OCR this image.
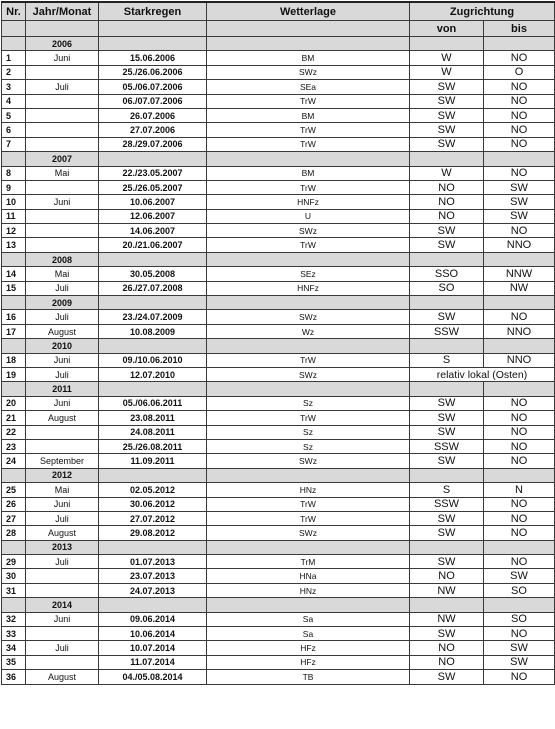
Nr.	Jahr/Monat	Starkregen	Wetterlage	Zugrichtung	
				von	bis
	2006				
1	Juni	15.06.2006	BM	W	NO
2		25./26.06.2006	SWz	W	O
3	Juli	05./06.07.2006	SEa	SW	NO
4		06./07.07.2006	TrW	SW	NO
5		26.07.2006	BM	SW	NO
6		27.07.2006	TrW	SW	NO
7		28./29.07.2006	TrW	SW	NO
	2007				
8	Mai	22./23.05.2007	BM	W	NO
9		25./26.05.2007	TrW	NO	SW
10	Juni	10.06.2007	HNFz	NO	SW
11		12.06.2007	U	NO	SW
12		14.06.2007	SWz	SW	NO
13		20./21.06.2007	TrW	SW	NNO
	2008				
14	Mai	30.05.2008	SEz	SSO	NNW
15	Juli	26./27.07.2008	HNFz	SO	NW
	2009				
16	Juli	23./24.07.2009	SWz	SW	NO
17	August	10.08.2009	Wz	SSW	NNO
	2010				
18	Juni	09./10.06.2010	TrW	S	NNO
19	Juli	12.07.2010	SWz	relativ lokal (Osten)	
	2011				
20	Juni	05./06.06.2011	Sz	SW	NO
21	August	23.08.2011	TrW	SW	NO
22		24.08.2011	Sz	SW	NO
23		25./26.08.2011	Sz	SSW	NO
24	September	11.09.2011	SWz	SW	NO
	2012				
25	Mai	02.05.2012	HNz	S	N
26	Juni	30.06.2012	TrW	SSW	NO
27	Juli	27.07.2012	TrW	SW	NO
28	August	29.08.2012	SWz	SW	NO
	2013				
29	Juli	01.07.2013	TrM	SW	NO
30		23.07.2013	HNa	NO	SW
31		24.07.2013	HNz	NW	SO
	2014				
32	Juni	09.06.2014	Sa	NW	SO
33		10.06.2014	Sa	SW	NO
34	Juli	10.07.2014	HFz	NO	SW
35		11.07.2014	HFz	NO	SW
36	August	04./05.08.2014	TB	SW	NO
